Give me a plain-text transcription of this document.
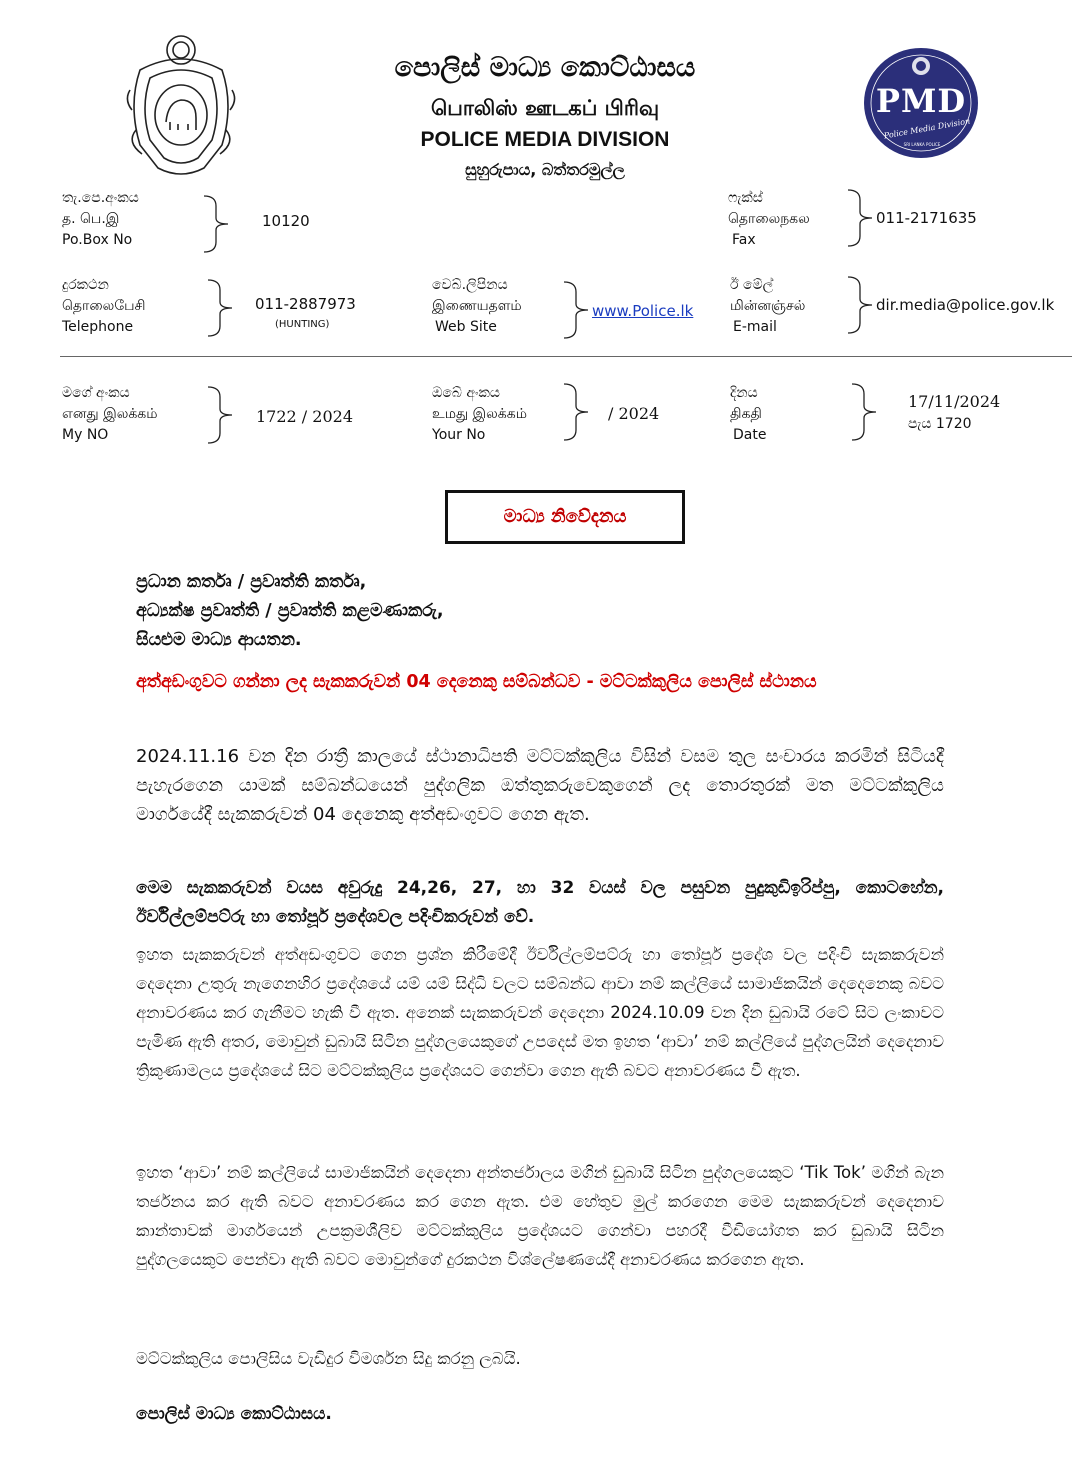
පොලිස් මාධ්‍ය කොට්ඨාසය
பொலிஸ் ஊடகப் பிரிவு
POLICE MEDIA DIVISION
සුහුරුපාය, බත්තරමුල්ල
PMD
Police Media Division
SRI LANKA POLICE
තැ.පෙ.අංකය
த. பெ.இ
Po.Box No
10120
ෆැක්ස්
தொலைநகல
Fax
011-2171635
දුරකථන
தொலைபேசி
Telephone
011-2887973
(HUNTING)
වෙබ්.ලිපිනය
இணையதளம்
Web Site
www.Police.lk
ඊ මේල්
மின்னஞ்சல்
E-mail
dir.media@police.gov.lk
මගේ අංකය
எனது இலக்கம்
My NO
1722 / 2024
ඔබේ අංකය
உமது இலக்கம்
Your No
/ 2024
දිනය
திகதி
Date
17/11/2024
පැය 1720
මාධ්‍ය නිවේදනය
ප්‍රධාන කර්තෘ / ප්‍රවෘත්ති කර්තෘ,
අධ්‍යක්ෂ ප්‍රවෘත්ති / ප්‍රවෘත්ති කළමණාකරු,
සියළුම මාධ්‍ය ආයතන.
අත්අඩංගුවට ගන්නා ලද සැකකරුවන් 04 දෙනෙකු සම්බන්ධව - මට්ටක්කුලිය පොලිස් ස්ථානය
2024.11.16 වන දින රාත්‍රී කාලයේ ස්ථානාධිපති මට්ටක්කුලිය විසින් වසම තුල සංචාරය කරමින් සිටියදී පැහැරගෙන යාමක් සම්බන්ධයෙන් පුද්ගලික ඔත්තුකරුවෙකුගෙන් ලද තොරතුරක් මත මට්ටක්කුලිය මාර්ගයේදී සැකකරුවන් 04 දෙනෙකු අත්අඩංගුවට ගෙන ඇත.
මෙම සැකකරුවන් වයස අවුරුදු 24,26, 27, හා 32 වයස් වල පසුවන පුදුකුඩිඉරිප්පු, කොටහේන, ඊර්විල්ලම්පට්රු හා තෝපූර් ප්‍රදේශවල පදිංචිකරුවන් වේ.
ඉහත සැකකරුවන් අත්අඩංගුවට ගෙන ප්‍රශ්න කිරීමේදී ඊර්විල්ලම්පට්රු හා තෝපූර් ප්‍රදේශ වල පදිංචි සැකකරුවන් දෙදෙනා උතුරු නැගෙනහිර ප්‍රදේශයේ යම් යම් සිද්ධි වලට සම්බන්ධ ආවා නම් කල්ලියේ සාමාජිකයින් දෙදෙනෙකු බවට අනාවරණය කර ගැනීමට හැකි වී ඇත. අනෙක් සැකකරුවන් දෙදෙනා 2024.10.09 වන දින ඩුබායි රටේ සිට ලංකාවට පැමිණ ඇති අතර, මොවුන් ඩුබායි සිටින පුද්ගලයෙකුගේ උපදෙස් මත ඉහත ‘ආවා’ නම් කල්ලියේ පුද්ගලයින් දෙදෙනාව ත්‍රිකුණාමලය ප්‍රදේශයේ සිට මට්ටක්කුලිය ප්‍රදේශයට ගෙන්වා ගෙන ඇති බවට අනාවරණය වී ඇත.
ඉහත ‘ආවා’ නම් කල්ලියේ සාමාජිකයින් දෙදෙනා අන්තර්ජාලය මගින් ඩුබායි සිටින පුද්ගලයෙකුට ‘Tik Tok’ මගින් බැන තර්ජනය කර ඇති බවට අනාවරණය කර ගෙන ඇත. එම හේතුව මුල් කරගෙන මෙම සැකකරුවන් දෙදෙනාව කාන්තාවක් මාර්ගයෙන් උපක්‍රමශීලිව මට්ටක්කුලිය ප්‍රදේශයට ගෙන්වා පහරදී වීඩියෝගත කර ඩුබායි සිටින පුද්ගලයෙකුට පෙන්වා ඇති බවට මොවුන්ගේ දුරකථන විශ්ලේෂණයේදී අනාවරණය කරගෙන ඇත.
මට්ටක්කුලිය පොලිසිය වැඩිදුර විමර්ශන සිදු කරනු ලබයි.
පොලිස් මාධ්‍ය කොට්ඨාසය.
